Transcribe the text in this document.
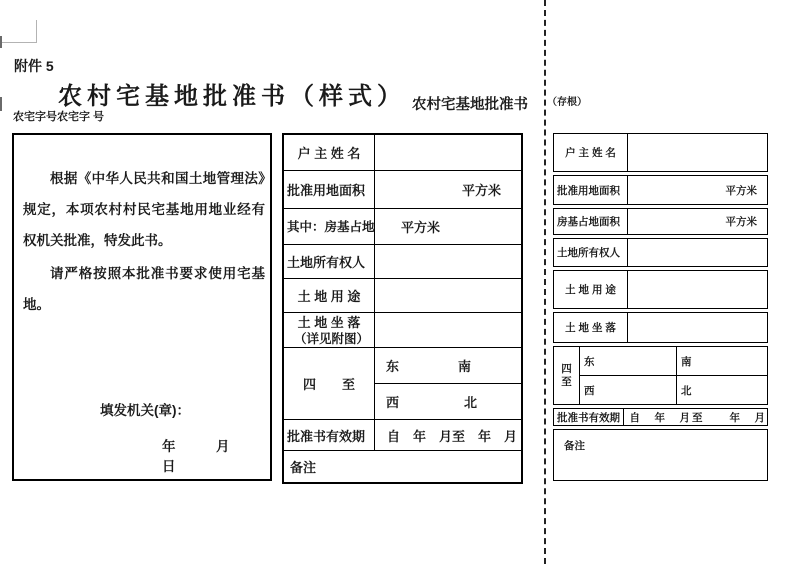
附件 5
农村宅基地批准书（样式） 农村宅基地批准书 （存根）
农宅字号农宅字 号
根据《中华人民共和国土地管理法》规定，本项农村村民宅基地用地业经有权机关批准，特发此书。
请严格按照本批准书要求使用宅基地。
填发机关(章)：
年　　　月　　　日
户 主 姓 名
批准用地面积	平方米
其中：房基占地	平方米
土地所有权人
土 地 用 途
土 地 坐 落
（详见附图）
四　　至
东	南
西	北
批准书有效期	自　年　月至　年　月
备注
户 主 姓 名
批准用地面积	平方米
房基占地面积	平方米
土地所有权人
土 地 用 途
土 地 坐 落
四
至
东	南
西	北
批准书有效期 自　年　月至　　年　月
备注
